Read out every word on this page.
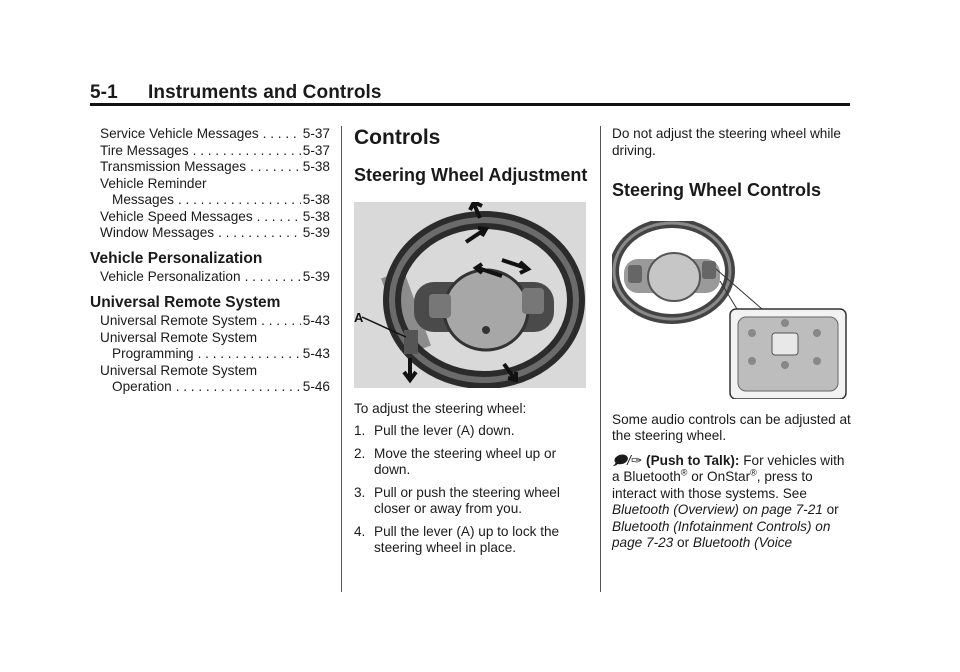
5-1 Instruments and Controls
Service Vehicle Messages . . .	5-37
Tire Messages . . .	5-37
Transmission Messages . . .	5-38
Vehicle Reminder
Messages . . .	5-38
Vehicle Speed Messages . . .	5-38
Window Messages . . .	5-39
Vehicle Personalization
Vehicle Personalization . . .	5-39
Universal Remote System
Universal Remote System . . .	5-43
Universal Remote System
Programming . . .	5-43
Universal Remote System
Operation . . .	5-46
Controls
Steering Wheel Adjustment
A

To adjust the steering wheel:

1. Pull the lever (A) down.
2. Move the steering wheel up or down.
3. Pull or push the steering wheel closer or away from you.
4. Pull the lever (A) up to lock the steering wheel in place.

Do not adjust the steering wheel while driving.

Steering Wheel Controls

Some audio controls can be adjusted at the steering wheel.

🗩/✑ (Push to Talk): For vehicles with a Bluetooth® or OnStar®, press to interact with those systems. See Bluetooth (Overview) on page 7-21 or Bluetooth (Infotainment Controls) on page 7-23 or Bluetooth (Voice
